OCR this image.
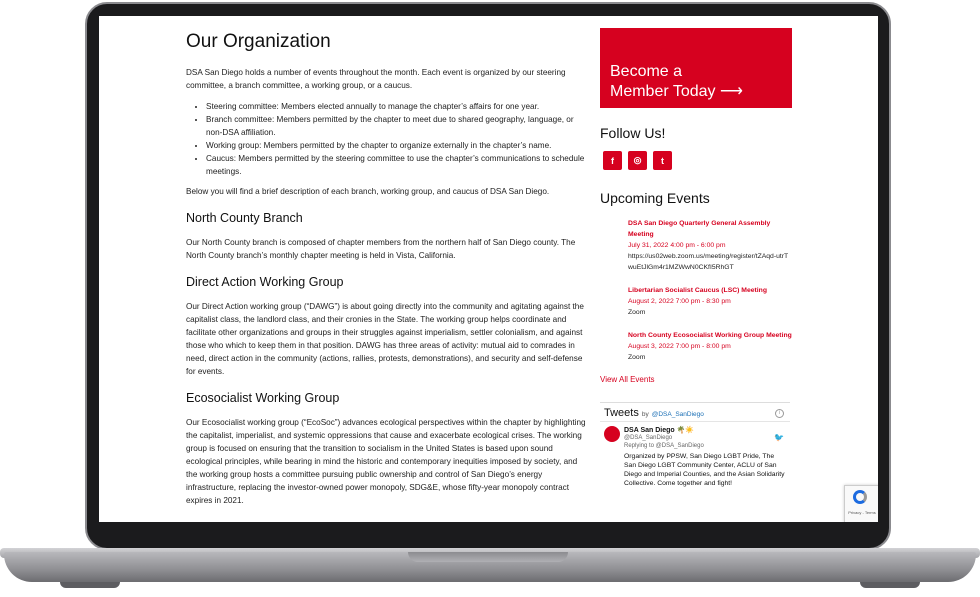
Our Organization

DSA San Diego holds a number of events throughout the month. Each event is organized by our steering committee, a branch committee, a working group, or a caucus.

• Steering committee: Members elected annually to manage the chapter’s affairs for one year.
• Branch committee: Members permitted by the chapter to meet due to shared geography, language, or non-DSA affiliation.
• Working group: Members permitted by the chapter to organize externally in the chapter’s name.
• Caucus: Members permitted by the steering committee to use the chapter’s communications to schedule meetings.

Below you will find a brief description of each branch, working group, and caucus of DSA San Diego.

North County Branch

Our North County branch is composed of chapter members from the northern half of San Diego county. The North County branch’s monthly chapter meeting is held in Vista, California.

Direct Action Working Group

Our Direct Action working group (“DAWG”) is about going directly into the community and agitating against the capitalist class, the landlord class, and their cronies in the State. The working group helps coordinate and facilitate other organizations and groups in their struggles against imperialism, settler colonialism, and against those who which to keep them in that position. DAWG has three areas of activity: mutual aid to comrades in need, direct action in the community (actions, rallies, protests, demonstrations), and security and self-defense for events.

Ecosocialist Working Group

Our Ecosocialist working group (“EcoSoc”) advances ecological perspectives within the chapter by highlighting the capitalist, imperialist, and systemic oppressions that cause and exacerbate ecological crises. The working group is focused on ensuring that the transition to socialism in the United States is based upon sound ecological principles, while bearing in mind the historic and contemporary inequities imposed by society, and the working group hosts a committee pursuing public ownership and control of San Diego’s energy infrastructure, replacing the investor-owned power monopoly, SDG&E, whose fifty-year monopoly contract expires in 2021.

Become a
Member Today ⟶
Follow Us!
f	◎	t
Upcoming Events
DSA San Diego Quarterly General Assembly Meeting
July 31, 2022 4:00 pm - 6:00 pm
https://us02web.zoom.us/meeting/register/tZAqd-utrTwuEtJlGm4r1MZWwN0CKfI5RhGT
Libertarian Socialist Caucus (LSC) Meeting
August 2, 2022 7:00 pm - 8:30 pm
Zoom
North County Ecosocialist Working Group Meeting
August 3, 2022 7:00 pm - 8:00 pm
Zoom
View All Events
Tweets by @DSA_SanDiego	i
🐦
DSA San Diego 🌴☀️
@DSA_SanDiego
Replying to @DSA_SanDiego
Organized by PPSW, San Diego LGBT Pride, The San Diego LGBT Community Center, ACLU of San Diego and Imperial Counties, and the Asian Solidarity Collective. Come together and fight!
Privacy - Terms
